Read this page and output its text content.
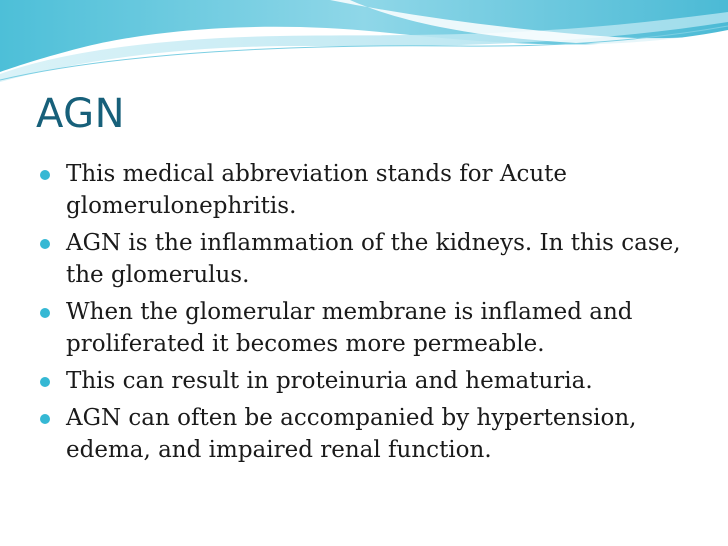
AGN
This medical abbreviation stands for Acute glomerulonephritis.
AGN is the inflammation of the kidneys. In this case, the glomerulus.
When the glomerular membrane is inflamed and proliferated it becomes more permeable.
This can result in proteinuria and hematuria.
AGN can often be accompanied by hypertension, edema, and impaired renal function.
